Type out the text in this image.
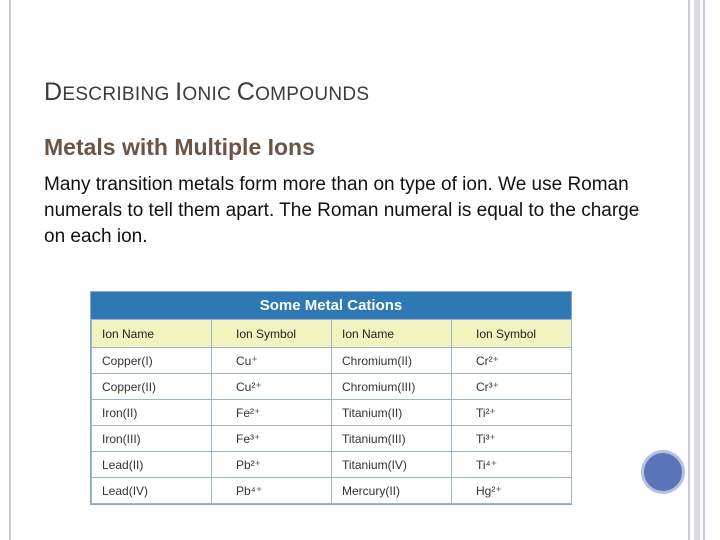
DESCRIBING IONIC COMPOUNDS
Metals with Multiple Ions

Many transition metals form more than on type of ion. We use Roman numerals to tell them apart. The Roman numeral is equal to the charge on each ion.

Some Metal Cations
Ion Name	Ion Symbol	Ion Name	Ion Symbol
Copper(I)	Cu⁺	Chromium(II)	Cr²⁺
Copper(II)	Cu²⁺	Chromium(III)	Cr³⁺
Iron(II)	Fe²⁺	Titanium(II)	Ti²⁺
Iron(III)	Fe³⁺	Titanium(III)	Ti³⁺
Lead(II)	Pb²⁺	Titanium(IV)	Ti⁴⁺
Lead(IV)	Pb⁴⁺	Mercury(II)	Hg²⁺
